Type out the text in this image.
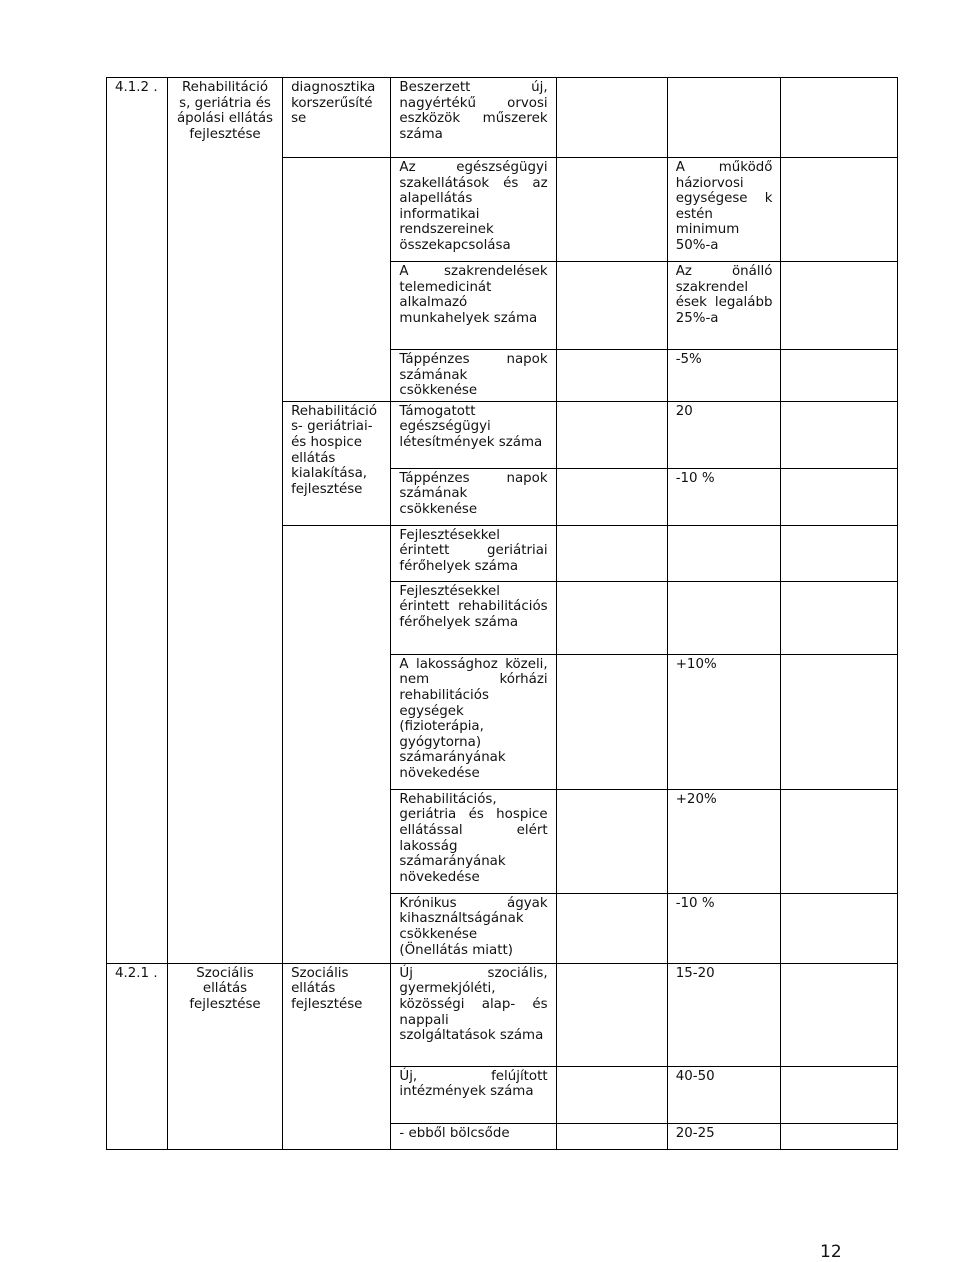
4.1.2 .	Rehabilitáció s, geriátria és ápolási ellátás fejlesztése	diagnosztika korszerűsíté se	Beszerzett új, nagyértékű orvosi eszközök műszerek száma			
			Az egészségügyi szakellátások és az alapellátás informatikai rendszereinek összekapcsolása		A működő háziorvosi egységese k estén minimum 50%-a	
			A szakrendelések telemedicinát alkalmazó munkahelyek száma		Az önálló szakrendel ések legalább 25%-a	
			Táppénzes napok számának csökkenése		-5%	
		Rehabilitáció s- geriátriai- és hospice ellátás kialakítása, fejlesztése	Támogatott egészségügyi létesítmények száma		20	
			Táppénzes napok számának csökkenése		-10 %	
			Fejlesztésekkel érintett geriátriai férőhelyek száma			
			Fejlesztésekkel érintett rehabilitációs férőhelyek száma			
			A lakossághoz közeli, nem kórházi rehabilitációs egységek (fizioterápia, gyógytorna) számarányának növekedése		+10%	
			Rehabilitációs, geriátria és hospice ellátással elért lakosság számarányának növekedése		+20%	
			Krónikus ágyak kihasználtságának csökkenése (Önellátás miatt)		-10 %	
4.2.1 .	Szociális ellátás fejlesztése	Szociális ellátás fejlesztése	Új szociális, gyermekjóléti, közösségi alap- és nappali szolgáltatások száma		15-20	
			Új, felújított intézmények száma		40-50	
			- ebből bölcsőde		20-25	
12
